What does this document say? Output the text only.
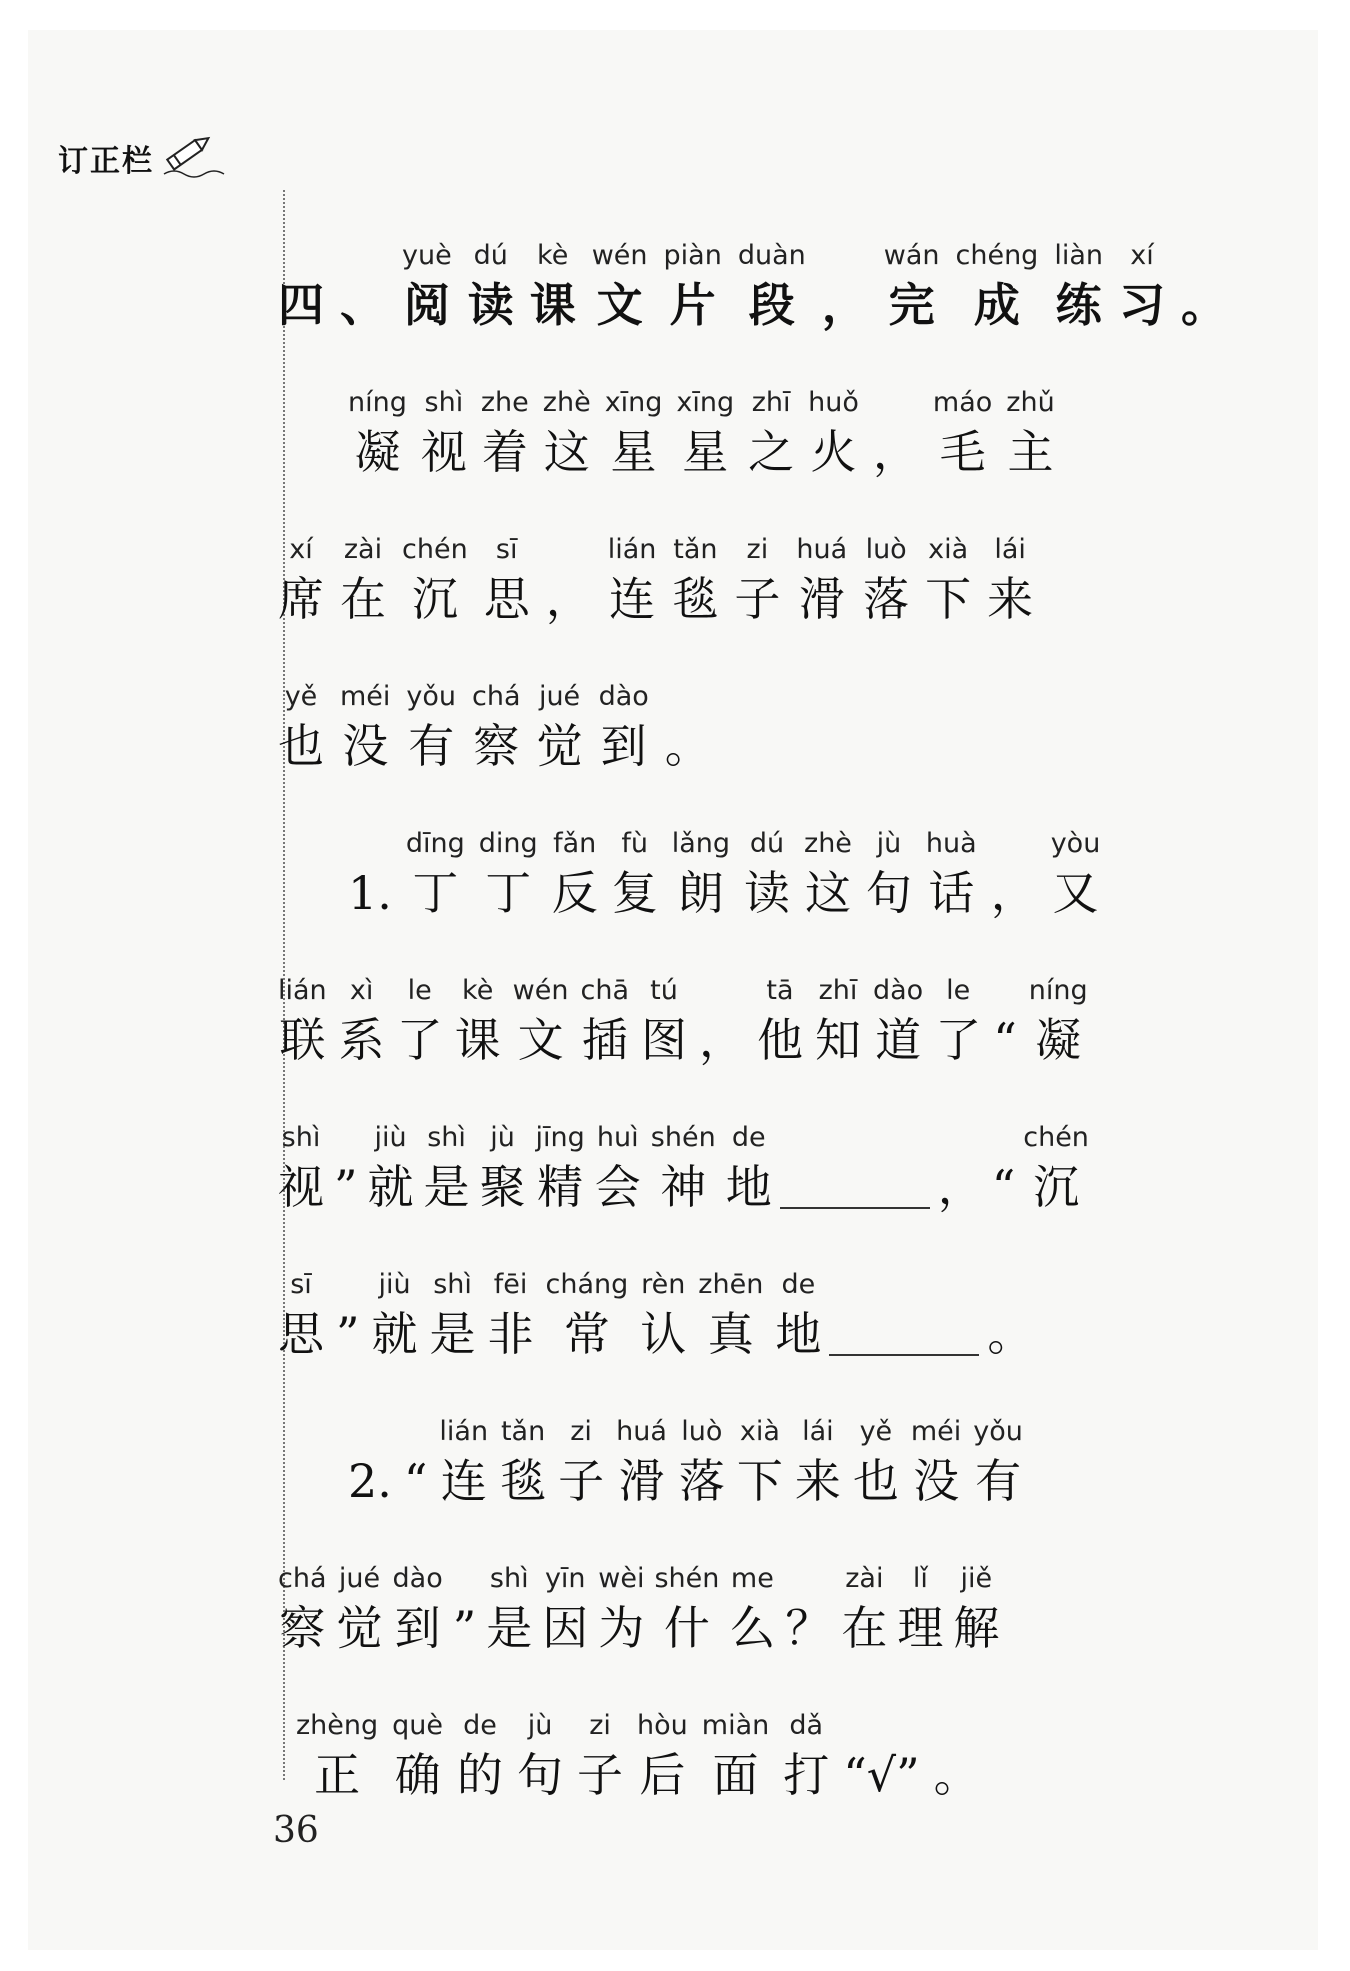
订正栏
36
四 、
yuè
阅
dú
读
kè
课
wén
文
piàn
片
duàn
段 ，
wán
完
chéng
成
liàn
练
xí
习 。
níng
凝
shì
视
zhe
着
zhè
这
xīng
星
xīng
星
zhī
之
huǒ
火 ，
máo
毛
zhǔ
主
xí
席
zài
在
chén
沉
sī
思 ，
lián
连
tǎn
毯
zi
子
huá
滑
luò
落
xià
下
lái
来
yě
也
méi
没
yǒu
有
chá
察
jué
觉
dào
到 。
1.
dīng
丁
ding
丁
fǎn
反
fù
复
lǎng
朗
dú
读
zhè
这
jù
句
huà
话 ，
yòu
又
lián
联
xì
系
le
了
kè
课
wén
文
chā
插
tú
图 ，
tā
他
zhī
知
dào
道
le
了 “
níng
凝
shì
视 ”
jiù
就
shì
是
jù
聚
jīng
精
huì
会
shén
神
de
地	， “
chén
沉
sī
思 ”
jiù
就
shì
是
fēi
非
cháng
常
rèn
认
zhēn
真
de
地	。
2. “
lián
连
tǎn
毯
zi
子
huá
滑
luò
落
xià
下
lái
来
yě
也
méi
没
yǒu
有
chá
察
jué
觉
dào
到 ”
shì
是
yīn
因
wèi
为
shén
什
me
么 ？
zài
在
lǐ
理
jiě
解
zhèng
正
què
确
de
的
jù
句
zi
子
hòu
后
miàn
面
dǎ
打 “√” 。
